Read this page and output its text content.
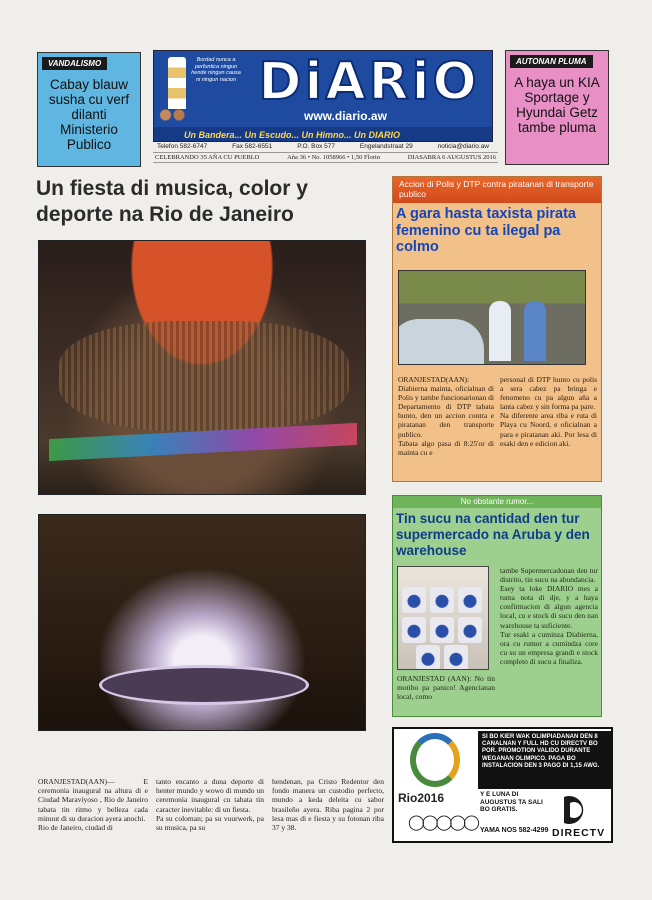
VANDALISMO
Cabay blauw susha cu verf dilanti Ministerio Publico
Bordad nunca a perfuntica ningun hende ningun causa ni ningun nacion DiARiO
www.diario.aw
Un Bandera... Un Escudo... Un Himno... Un DIARIO
AUTONAN PLUMA
A haya un KIA Sportage y Hyundai Getz tambe pluma
Telefon 582-6747	Fax 582-6551	P.O. Box 577	Engelandstraat 29	noticia@diario.aw
CELEBRANDO 35 AÑA CU PUEBLO	Aña 36 • No. 1058966 • 1,50 Florin	DIASABRA 6 AUGUSTUS 2016
Un fiesta di musica, color y deporte na Rio de Janeiro

ORANJESTAD(AAN)— E ceremonia inaugural na altura di e Ciudad Maraviyoso , Rio de Janeiro tabata tin ritmo y belleza cada minuut di su duracion ayera anochi.
Rio de Janeiro, ciudad di

tanto encanto a duna deporte di henter mundo y wowo di mundo un ceremonia inaugural cu tabata tin caracter inevitable: di un fiesta.
Pa su coloman; pa su vuurwerk, pa su musica, pa su

hendenan, pa Cristo Redentor den fondo manera un custodio perfecto, mundo a keda deleita cu sabor brasileño ayera. Riba pagina 2 por lesa mas di e fiesta y su fotonan riba 37 y 38.

Accion di Polis y DTP contra piratanan di transporte publico
A gara hasta taxista pirata femenino cu ta ilegal pa colmo

ORANJESTAD(AAN): Diabierna mainta, oficialnan di Polis y tambe funcionarionan di Departamento di DTP tabata hunto, den un accion contra e piratanan den transporte publico.
Tabata algo pasa di 8:25'or di mainta cu e

personal di DTP hunto cu polis a sera cabez pa bringa e fenomeno cu pa algun aña a lanta cabez y sin forma pa pare.
Na diferente area riba e ruta di Playa cu Noord, e oficialnan a para e piratanan aki. Por lesa di esaki den e edicion aki.

No obstante rumor...
Tin sucu na cantidad den tur supermercado na Aruba y den warehouse

tambe Supermercadonan den tur distrito, tin sucu na abundancia.
Esey ta loke DIARIO mes a tuma nota di dje, y a haya confirmacion di algun agencia local, cu e stock di sucu den nan warehouse ta suficiente.
Tur esaki a cuminza Diabierna, ora cu rumor a cumindza core cu su un empresa grandi e stock completo di sucu a finaliza.

ORANJESTAD (AAN): No tin motibo pa panico! Agencianan local, como

Rio2016
◯◯◯◯◯
SI BO KIER WAK OLIMPIADANAN DEN 8 CANALNAN Y FULL HD CU DIRECTV BO POR. PROMOTION VALIDO DURANTE WEGANAN OLIMPICO. PAGA BO INSTALACION DEN 3 PAGO DI 1,15 AWG.
Y E LUNA DI AUGUSTUS TA SALI BO GRATIS.
YAMA NOS 582-4299 DIRECTV
